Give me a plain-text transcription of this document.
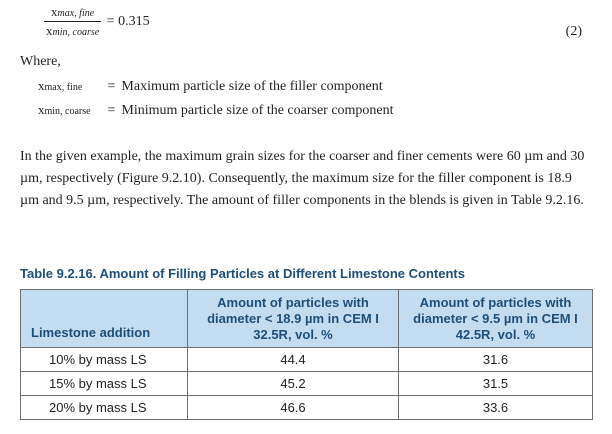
$\frac{\text{xmax, fine}}{\text{xmin, coarse}} = 0.315$
(2)
Where,
xmax, fine = Maximum particle size of the filler component
xmin, coarse = Minimum particle size of the coarser component
In the given example, the maximum grain sizes for the coarser and finer cements were 60 µm and 30 µm, respectively (Figure 9.2.10). Consequently, the maximum size for the filler component is 18.9 µm and 9.5 µm, respectively. The amount of filler components in the blends is given in Table 9.2.16.
Table 9.2.16. Amount of Filling Particles at Different Limestone Contents
Limestone addition	Amount of particles with diameter < 18.9 µm in CEM I 32.5R, vol. %	Amount of particles with diameter < 9.5 µm in CEM I 42.5R, vol. %
10% by mass LS	44.4	31.6
15% by mass LS	45.2	31.5
20% by mass LS	46.6	33.6
